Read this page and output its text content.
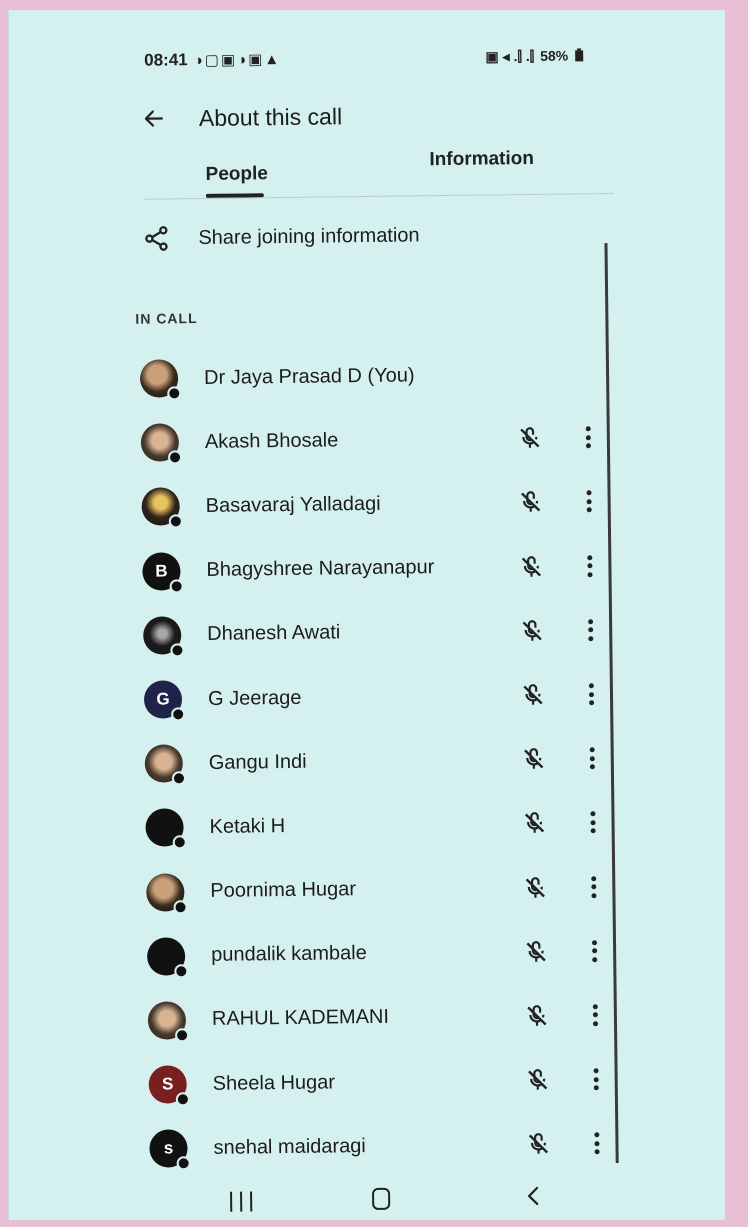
08:41 ◑▢▣◑▣▲	▣ ◂ .⫿ .⫿ 58%
About this call
People
Information
Share joining information
IN CALL
Dr Jaya Prasad D (You)
Akash Bhosale
Basavaraj Yalladagi
B Bhagyshree Narayanapur
Dhanesh Awati
G G Jeerage
Gangu Indi
Ketaki H
Poornima Hugar
pundalik kambale
RAHUL KADEMANI
S Sheela Hugar
s snehal maidaragi
